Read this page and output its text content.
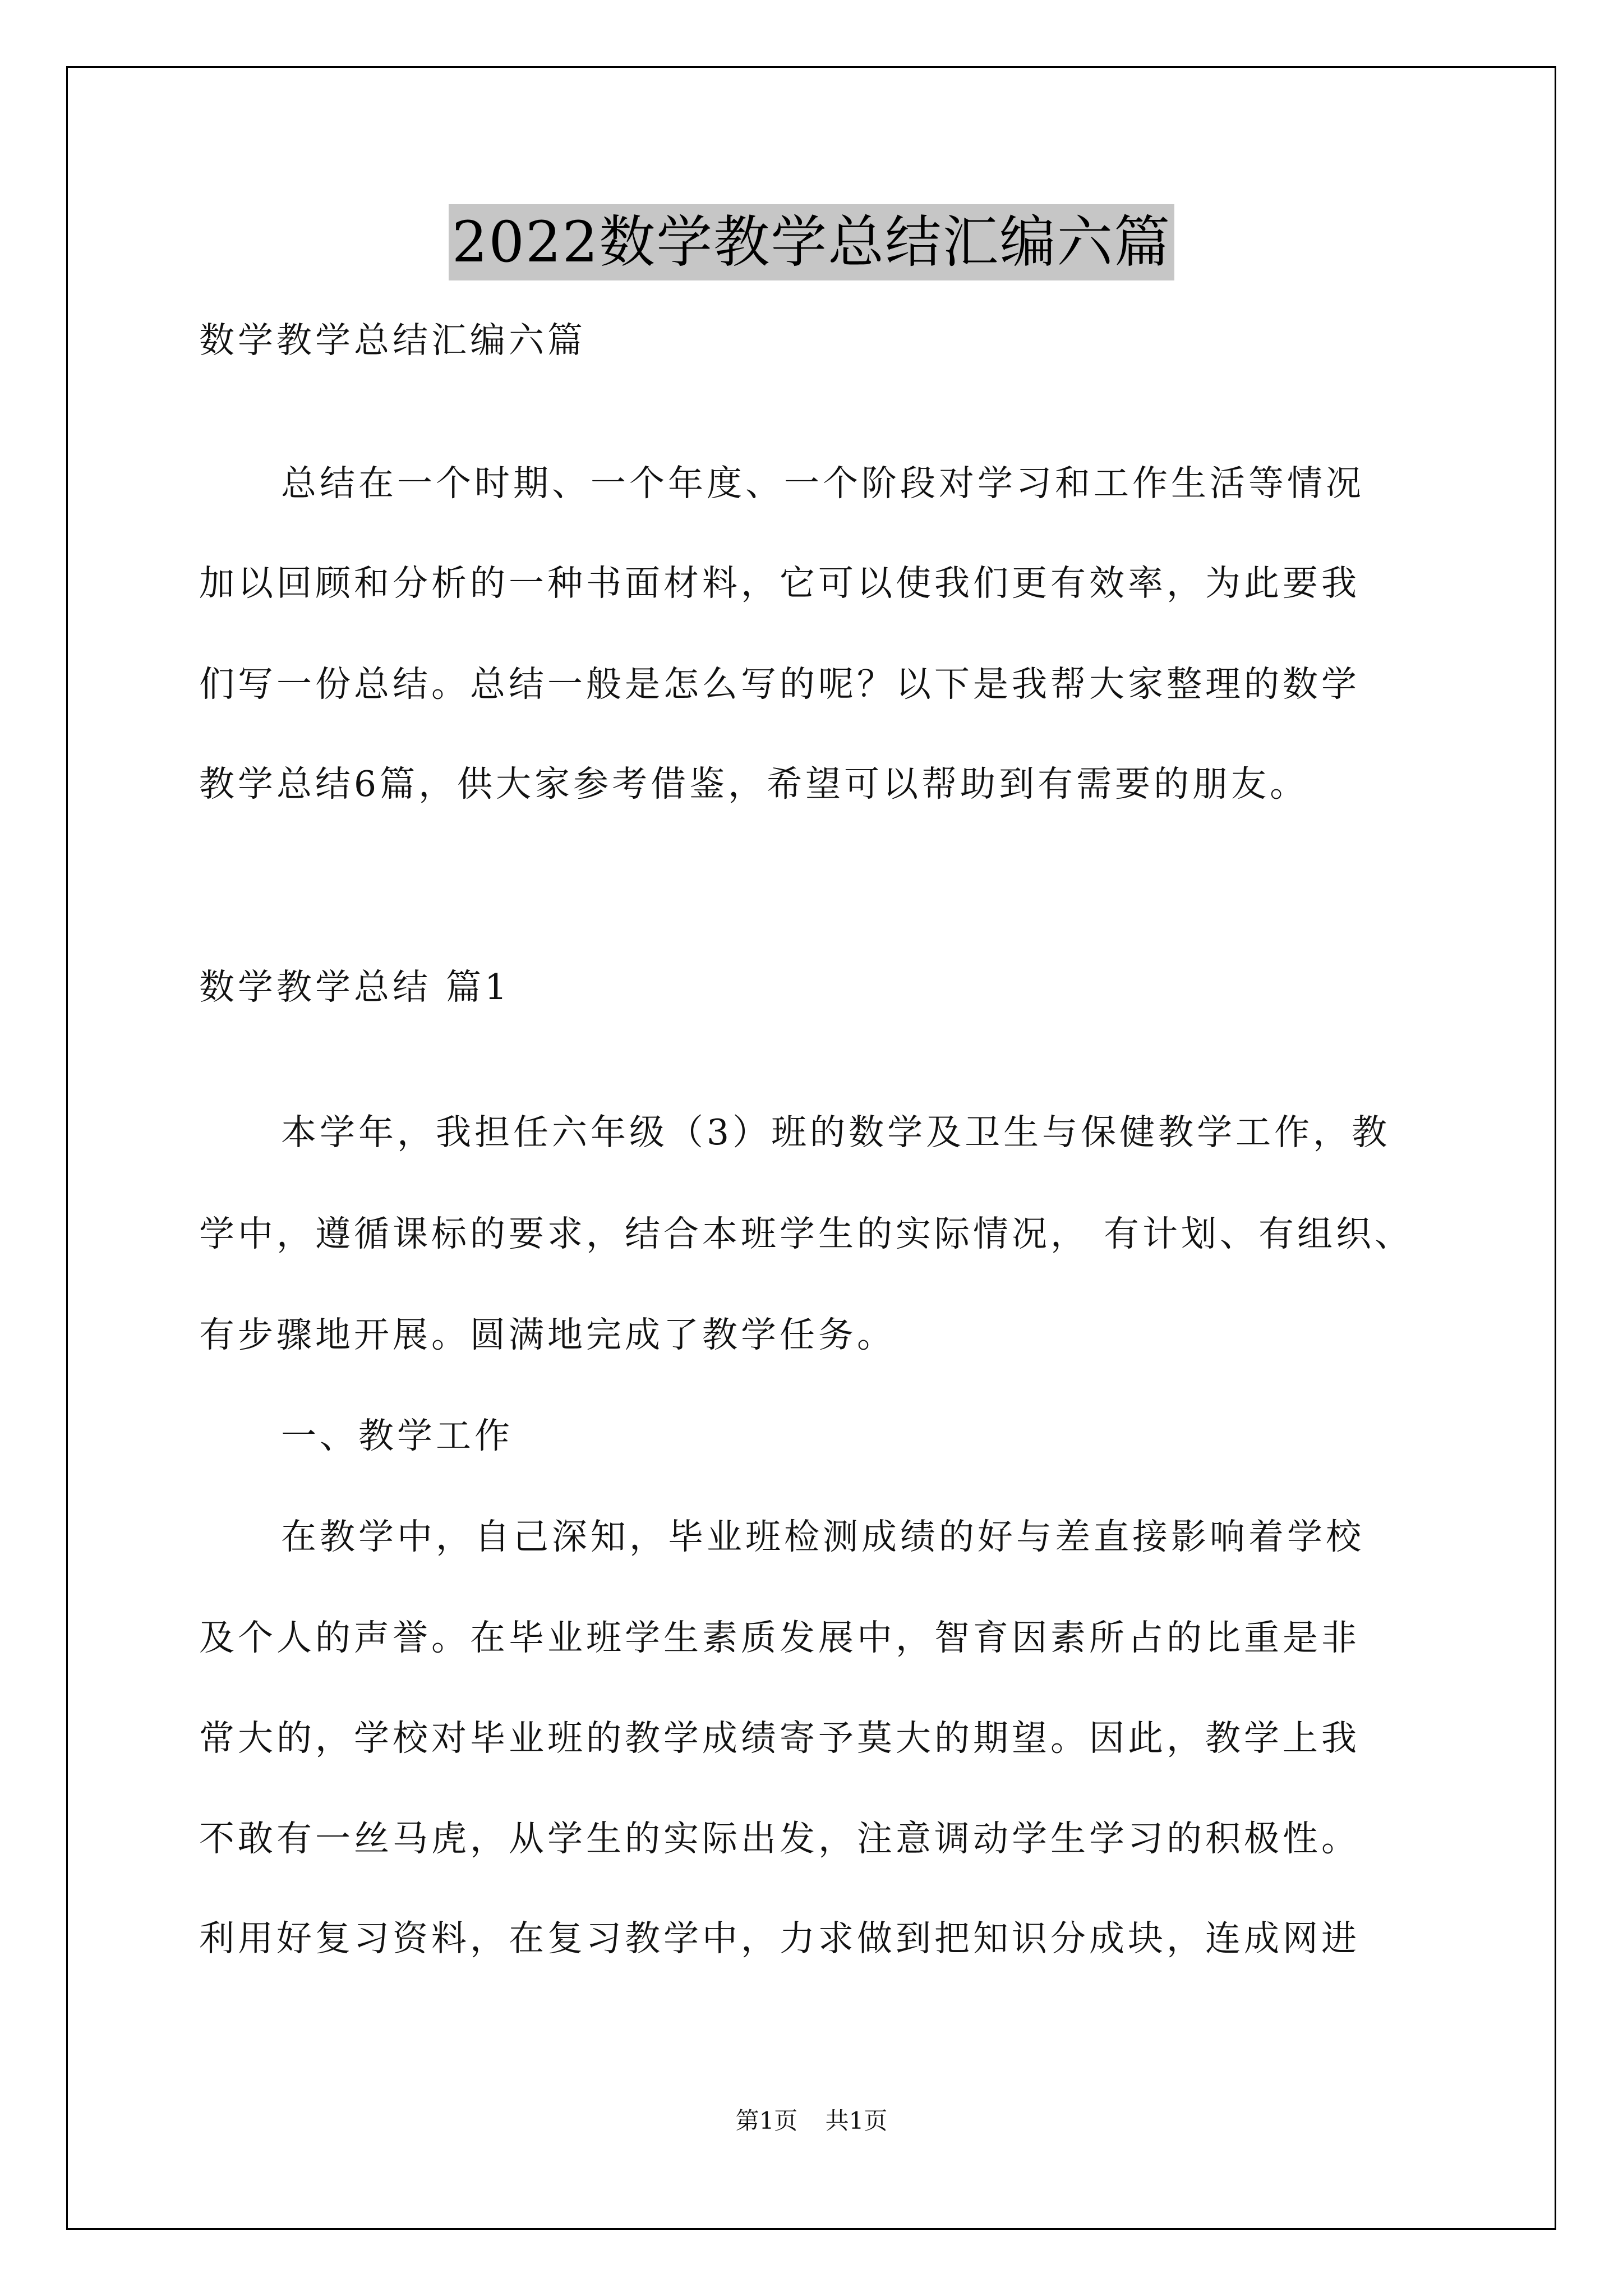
2022数学教学总结汇编六篇
数学教学总结汇编六篇
总结在一个时期、一个年度、一个阶段对学习和工作生活等情况
加以回顾和分析的一种书面材料，它可以使我们更有效率，为此要我
们写一份总结。总结一般是怎么写的呢？以下是我帮大家整理的数学
教学总结6篇，供大家参考借鉴，希望可以帮助到有需要的朋友。
数学教学总结 篇1
本学年，我担任六年级（3）班的数学及卫生与保健教学工作，教
学中，遵循课标的要求，结合本班学生的实际情况， 有计划、有组织、
有步骤地开展。圆满地完成了教学任务。
一、教学工作
在教学中，自己深知，毕业班检测成绩的好与差直接影响着学校
及个人的声誉。在毕业班学生素质发展中，智育因素所占的比重是非
常大的，学校对毕业班的教学成绩寄予莫大的期望。因此，教学上我
不敢有一丝马虎，从学生的实际出发，注意调动学生学习的积极性。
利用好复习资料，在复习教学中，力求做到把知识分成块，连成网进
第1页 共1页
